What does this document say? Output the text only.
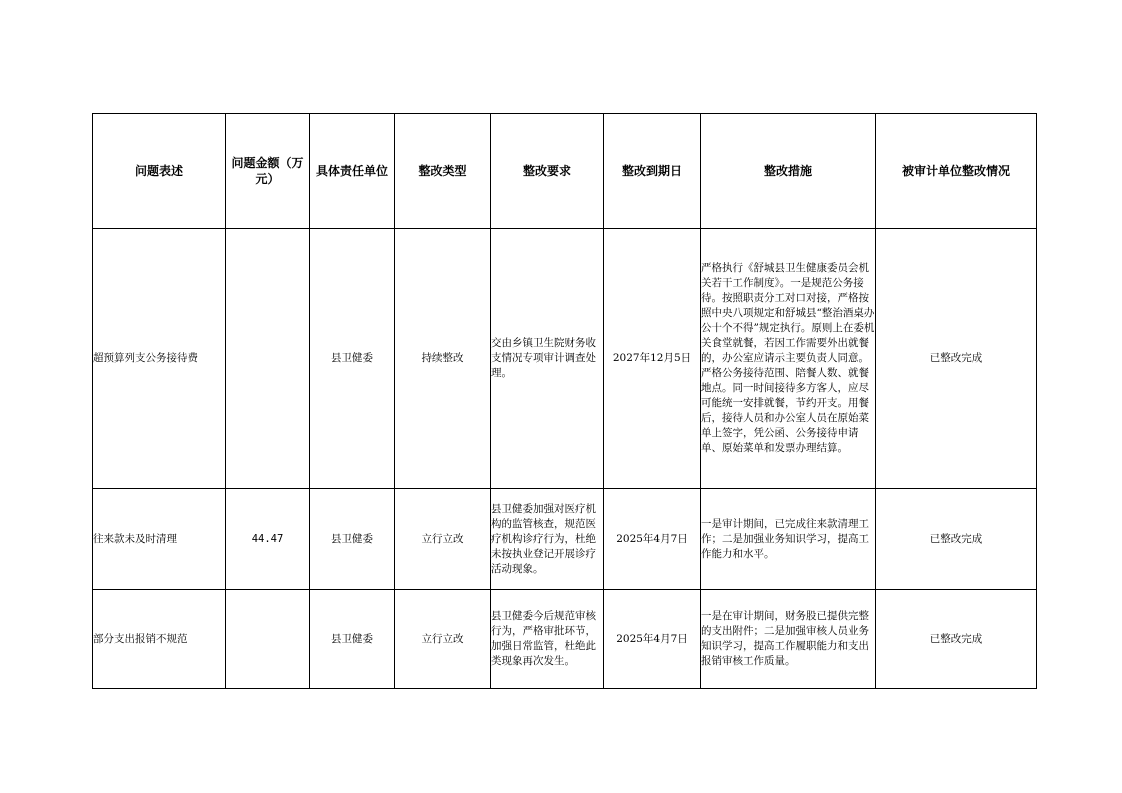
问题表述	问题金额（万元）	具体责任单位	整改类型	整改要求	整改到期日	整改措施	被审计单位整改情况
超预算列支公务接待费		县卫健委	持续整改	交由乡镇卫生院财务收支情况专项审计调查处理。	2027年12月5日	严格执行《舒城县卫生健康委员会机关若干工作制度》。一是规范公务接待。按照职责分工对口对接，严格按照中央八项规定和舒城县“整治酒桌办公十个不得”规定执行。原则上在委机关食堂就餐，若因工作需要外出就餐的，办公室应请示主要负责人同意。严格公务接待范围、陪餐人数、就餐地点。同一时间接待多方客人，应尽可能统一安排就餐，节约开支。用餐后，接待人员和办公室人员在原始菜单上签字，凭公函、公务接待申请单、原始菜单和发票办理结算。	已整改完成
往来款未及时清理	44.47	县卫健委	立行立改	县卫健委加强对医疗机构的监管核查，规范医疗机构诊疗行为，杜绝未按执业登记开展诊疗活动现象。	2025年4月7日	一是审计期间，已完成往来款清理工作；二是加强业务知识学习，提高工作能力和水平。	已整改完成
部分支出报销不规范		县卫健委	立行立改	县卫健委今后规范审核行为，严格审批环节，加强日常监管，杜绝此类现象再次发生。	2025年4月7日	一是在审计期间，财务股已提供完整的支出附件；二是加强审核人员业务知识学习，提高工作履职能力和支出报销审核工作质量。	已整改完成
